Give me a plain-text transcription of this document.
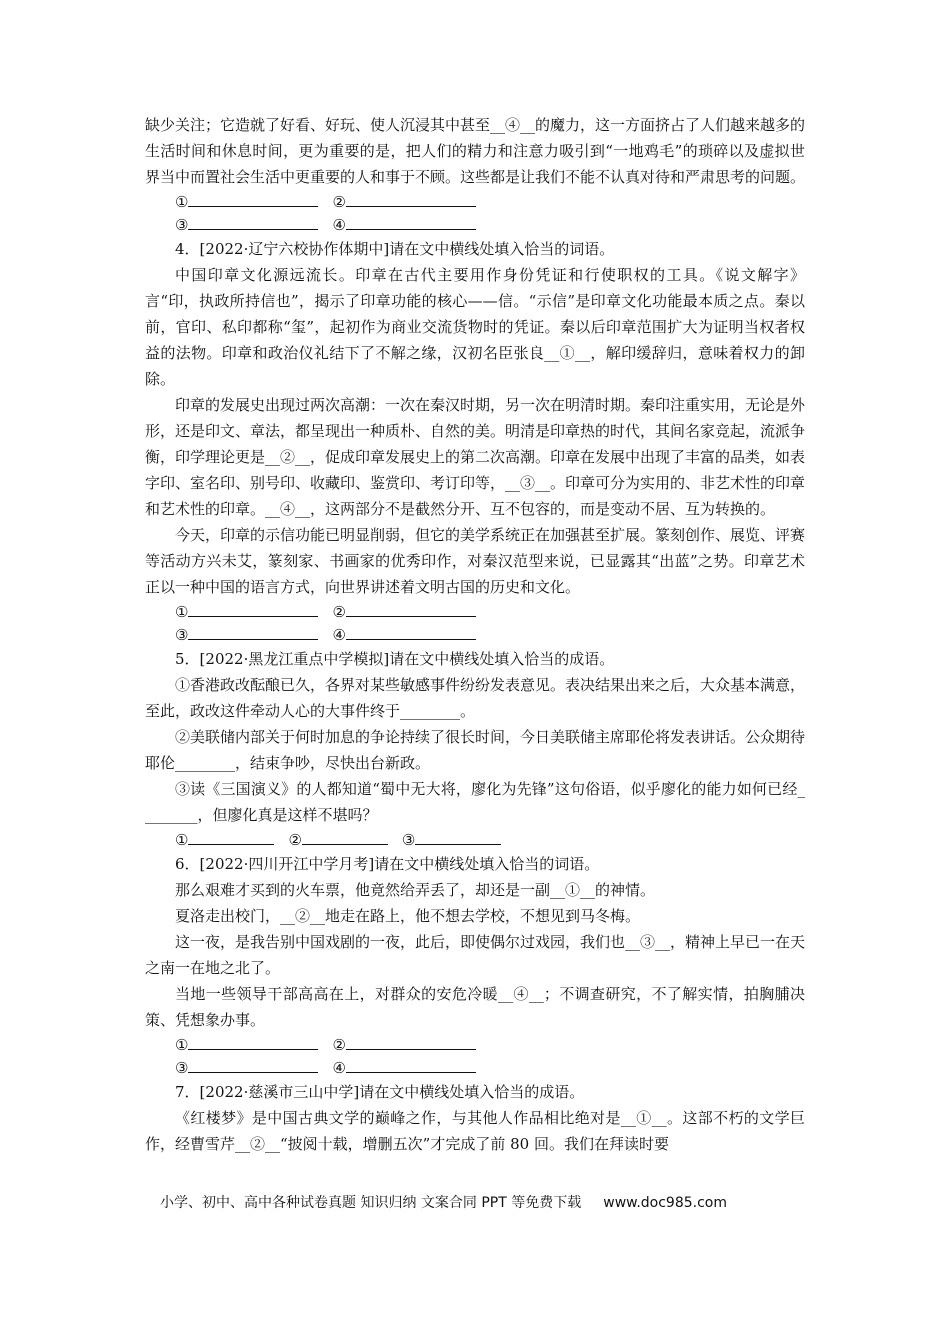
缺少关注；它造就了好看、好玩、使人沉浸其中甚至__④__的魔力，这一方面挤占了人们越来越多的生活时间和休息时间，更为重要的是，把人们的精力和注意力吸引到“一地鸡毛”的琐碎以及虚拟世界当中而置社会生活中更重要的人和事于不顾。这些都是让我们不能不认真对待和严肃思考的问题。

①	②
③	④

4．[2022·辽宁六校协作体期中]请在文中横线处填入恰当的词语。

中国印章文化源远流长。印章在古代主要用作身份凭证和行使职权的工具。《说文解字》言“印，执政所持信也”，揭示了印章功能的核心——信。“示信”是印章文化功能最本质之点。秦以前，官印、私印都称“玺”，起初作为商业交流货物时的凭证。秦以后印章范围扩大为证明当权者权益的法物。印章和政治仪礼结下了不解之缘，汉初名臣张良__①__，解印缓辞归，意味着权力的卸除。

印章的发展史出现过两次高潮：一次在秦汉时期，另一次在明清时期。秦印注重实用，无论是外形，还是印文、章法，都呈现出一种质朴、自然的美。明清是印章热的时代，其间名家竞起，流派争衡，印学理论更是__②__，促成印章发展史上的第二次高潮。印章在发展中出现了丰富的品类，如表字印、室名印、别号印、收藏印、鉴赏印、考订印等，__③__。印章可分为实用的、非艺术性的印章和艺术性的印章。__④__，这两部分不是截然分开、互不包容的，而是变动不居、互为转换的。

今天，印章的示信功能已明显削弱，但它的美学系统正在加强甚至扩展。篆刻创作、展览、评赛等活动方兴未艾，篆刻家、书画家的优秀印作，对秦汉范型来说，已显露其“出蓝”之势。印章艺术正以一种中国的语言方式，向世界讲述着文明古国的历史和文化。

①	②
③	④

5．[2022·黑龙江重点中学模拟]请在文中横线处填入恰当的成语。

①香港政改酝酿已久，各界对某些敏感事件纷纷发表意见。表决结果出来之后，大众基本满意，至此，政改这件牵动人心的大事件终于________。

②美联储内部关于何时加息的争论持续了很长时间，今日美联储主席耶伦将发表讲话。公众期待耶伦________，结束争吵，尽快出台新政。

③读《三国演义》的人都知道“蜀中无大将，廖化为先锋”这句俗语，似乎廖化的能力如何已经________，但廖化真是这样不堪吗？

①	②	③

6．[2022·四川开江中学月考]请在文中横线处填入恰当的词语。

那么艰难才买到的火车票，他竟然给弄丢了，却还是一副__①__的神情。

夏洛走出校门，__②__地走在路上，他不想去学校，不想见到马冬梅。

这一夜，是我告别中国戏剧的一夜，此后，即使偶尔过戏园，我们也__③__，精神上早已一在天之南一在地之北了。

当地一些领导干部高高在上，对群众的安危冷暖__④__；不调查研究，不了解实情，拍胸脯决策、凭想象办事。

①	②
③	④

7．[2022·慈溪市三山中学]请在文中横线处填入恰当的成语。

《红楼梦》是中国古典文学的巅峰之作，与其他人作品相比绝对是__①__。这部不朽的文学巨作，经曹雪芹__②__“披阅十载，增删五次”才完成了前 80 回。我们在拜读时要

小学、初中、高中各种试卷真题 知识归纳 文案合同 PPT 等免费下载 www.doc985.com
